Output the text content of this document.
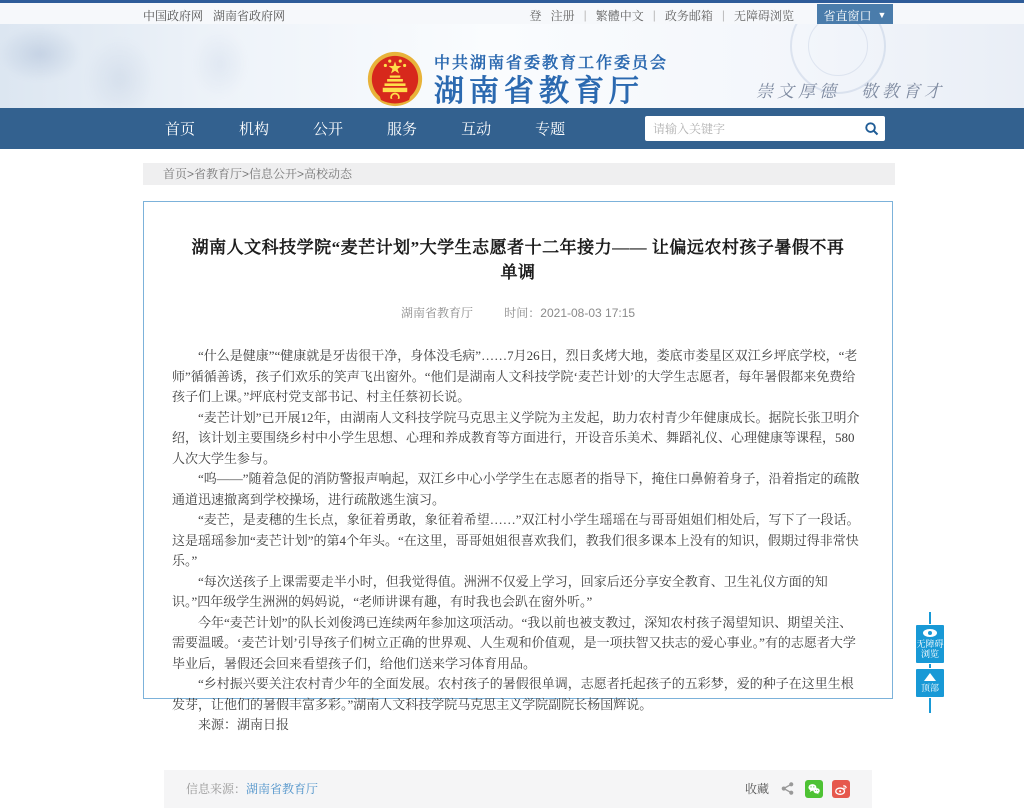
中国政府网 湖南省政府网	登 注册 | 繁體中文 | 政务邮箱 | 无障碍浏览 省直窗口 ▼
中共湖南省委教育工作委员会
湖南省教育厅	崇文厚德　敬教育才
首页	机构	公开	服务	互动	专题
请输入关键字
首页>省教育厅>信息公开>高校动态
湖南人文科技学院“麦芒计划”大学生志愿者十二年接力—— 让偏远农村孩子暑假不再单调
湖南省教育厅	时间：2021-08-03 17:15

“什么是健康”“健康就是牙齿很干净，身体没毛病”……7月26日，烈日炙烤大地，娄底市娄星区双江乡坪底学校，“老师”循循善诱，孩子们欢乐的笑声飞出窗外。“他们是湖南人文科技学院‘麦芒计划’的大学生志愿者，每年暑假都来免费给孩子们上课。”坪底村党支部书记、村主任蔡初长说。

“麦芒计划”已开展12年，由湖南人文科技学院马克思主义学院为主发起，助力农村青少年健康成长。据院长张卫明介绍，该计划主要围绕乡村中小学生思想、心理和养成教育等方面进行，开设音乐美术、舞蹈礼仪、心理健康等课程，580人次大学生参与。

“呜——”随着急促的消防警报声响起，双江乡中心小学学生在志愿者的指导下，掩住口鼻俯着身子，沿着指定的疏散通道迅速撤离到学校操场，进行疏散逃生演习。

“麦芒，是麦穗的生长点，象征着勇敢，象征着希望……”双江村小学生瑶瑶在与哥哥姐姐们相处后，写下了一段话。这是瑶瑶参加“麦芒计划”的第4个年头。“在这里，哥哥姐姐很喜欢我们，教我们很多课本上没有的知识，假期过得非常快乐。”

“每次送孩子上课需要走半小时，但我觉得值。洲洲不仅爱上学习，回家后还分享安全教育、卫生礼仪方面的知识。”四年级学生洲洲的妈妈说，“老师讲课有趣，有时我也会趴在窗外听。”

今年“麦芒计划”的队长刘俊鸿已连续两年参加这项活动。“我以前也被支教过，深知农村孩子渴望知识、期望关注、需要温暖。‘麦芒计划’引导孩子们树立正确的世界观、人生观和价值观，是一项扶智又扶志的爱心事业。”有的志愿者大学毕业后，暑假还会回来看望孩子们，给他们送来学习体育用品。

“乡村振兴要关注农村青少年的全面发展。农村孩子的暑假很单调，志愿者托起孩子的五彩梦，爱的种子在这里生根发芽，让他们的暑假丰富多彩。”湖南人文科技学院马克思主义学院副院长杨国辉说。

来源：湖南日报

信息来源：湖南省教育厅	收藏
无障碍浏览
顶部
